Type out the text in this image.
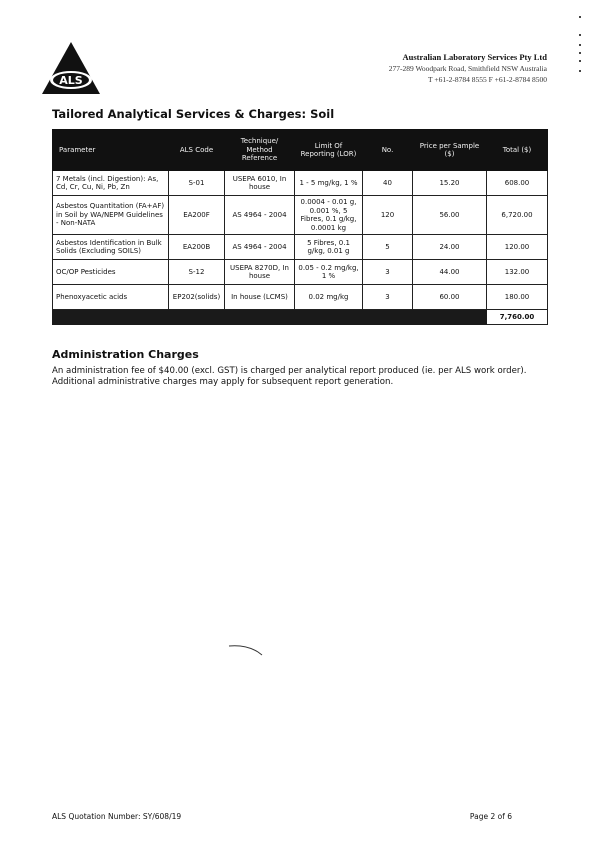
ALS
Australian Laboratory Services Pty Ltd
277-289 Woodpark Road, Smithfield NSW Australia
T +61-2-8784 8555 F +61-2-8784 8500
Tailored Analytical Services & Charges: Soil
Parameter	ALS Code	Technique/ Method Reference	Limit Of Reporting (LOR)	No.	Price per Sample ($)	Total ($)
7 Metals (incl. Digestion): As, Cd, Cr, Cu, Ni, Pb, Zn	S-01	USEPA 6010, In house	1 - 5 mg/kg, 1 %	40	15.20	608.00
Asbestos Quantitation (FA+AF) in Soil by WA/NEPM Guidelines - Non-NATA	EA200F	AS 4964 - 2004	0.0004 - 0.01 g, 0.001 %, 5 Fibres, 0.1 g/kg, 0.0001 kg	120	56.00	6,720.00
Asbestos Identification in Bulk Solids (Excluding SOILS)	EA200B	AS 4964 - 2004	5 Fibres, 0.1 g/kg, 0.01 g	5	24.00	120.00
OC/OP Pesticides	S-12	USEPA 8270D, In house	0.05 - 0.2 mg/kg, 1 %	3	44.00	132.00
Phenoxyacetic acids	EP202(solids)	In house (LCMS)	0.02 mg/kg	3	60.00	180.00
						7,760.00
Administration Charges

An administration fee of $40.00 (excl. GST) is charged per analytical report produced (ie. per ALS work order). Additional administrative charges may apply for subsequent report generation.

ALS Quotation Number: SY/608/19	Page 2 of 6
